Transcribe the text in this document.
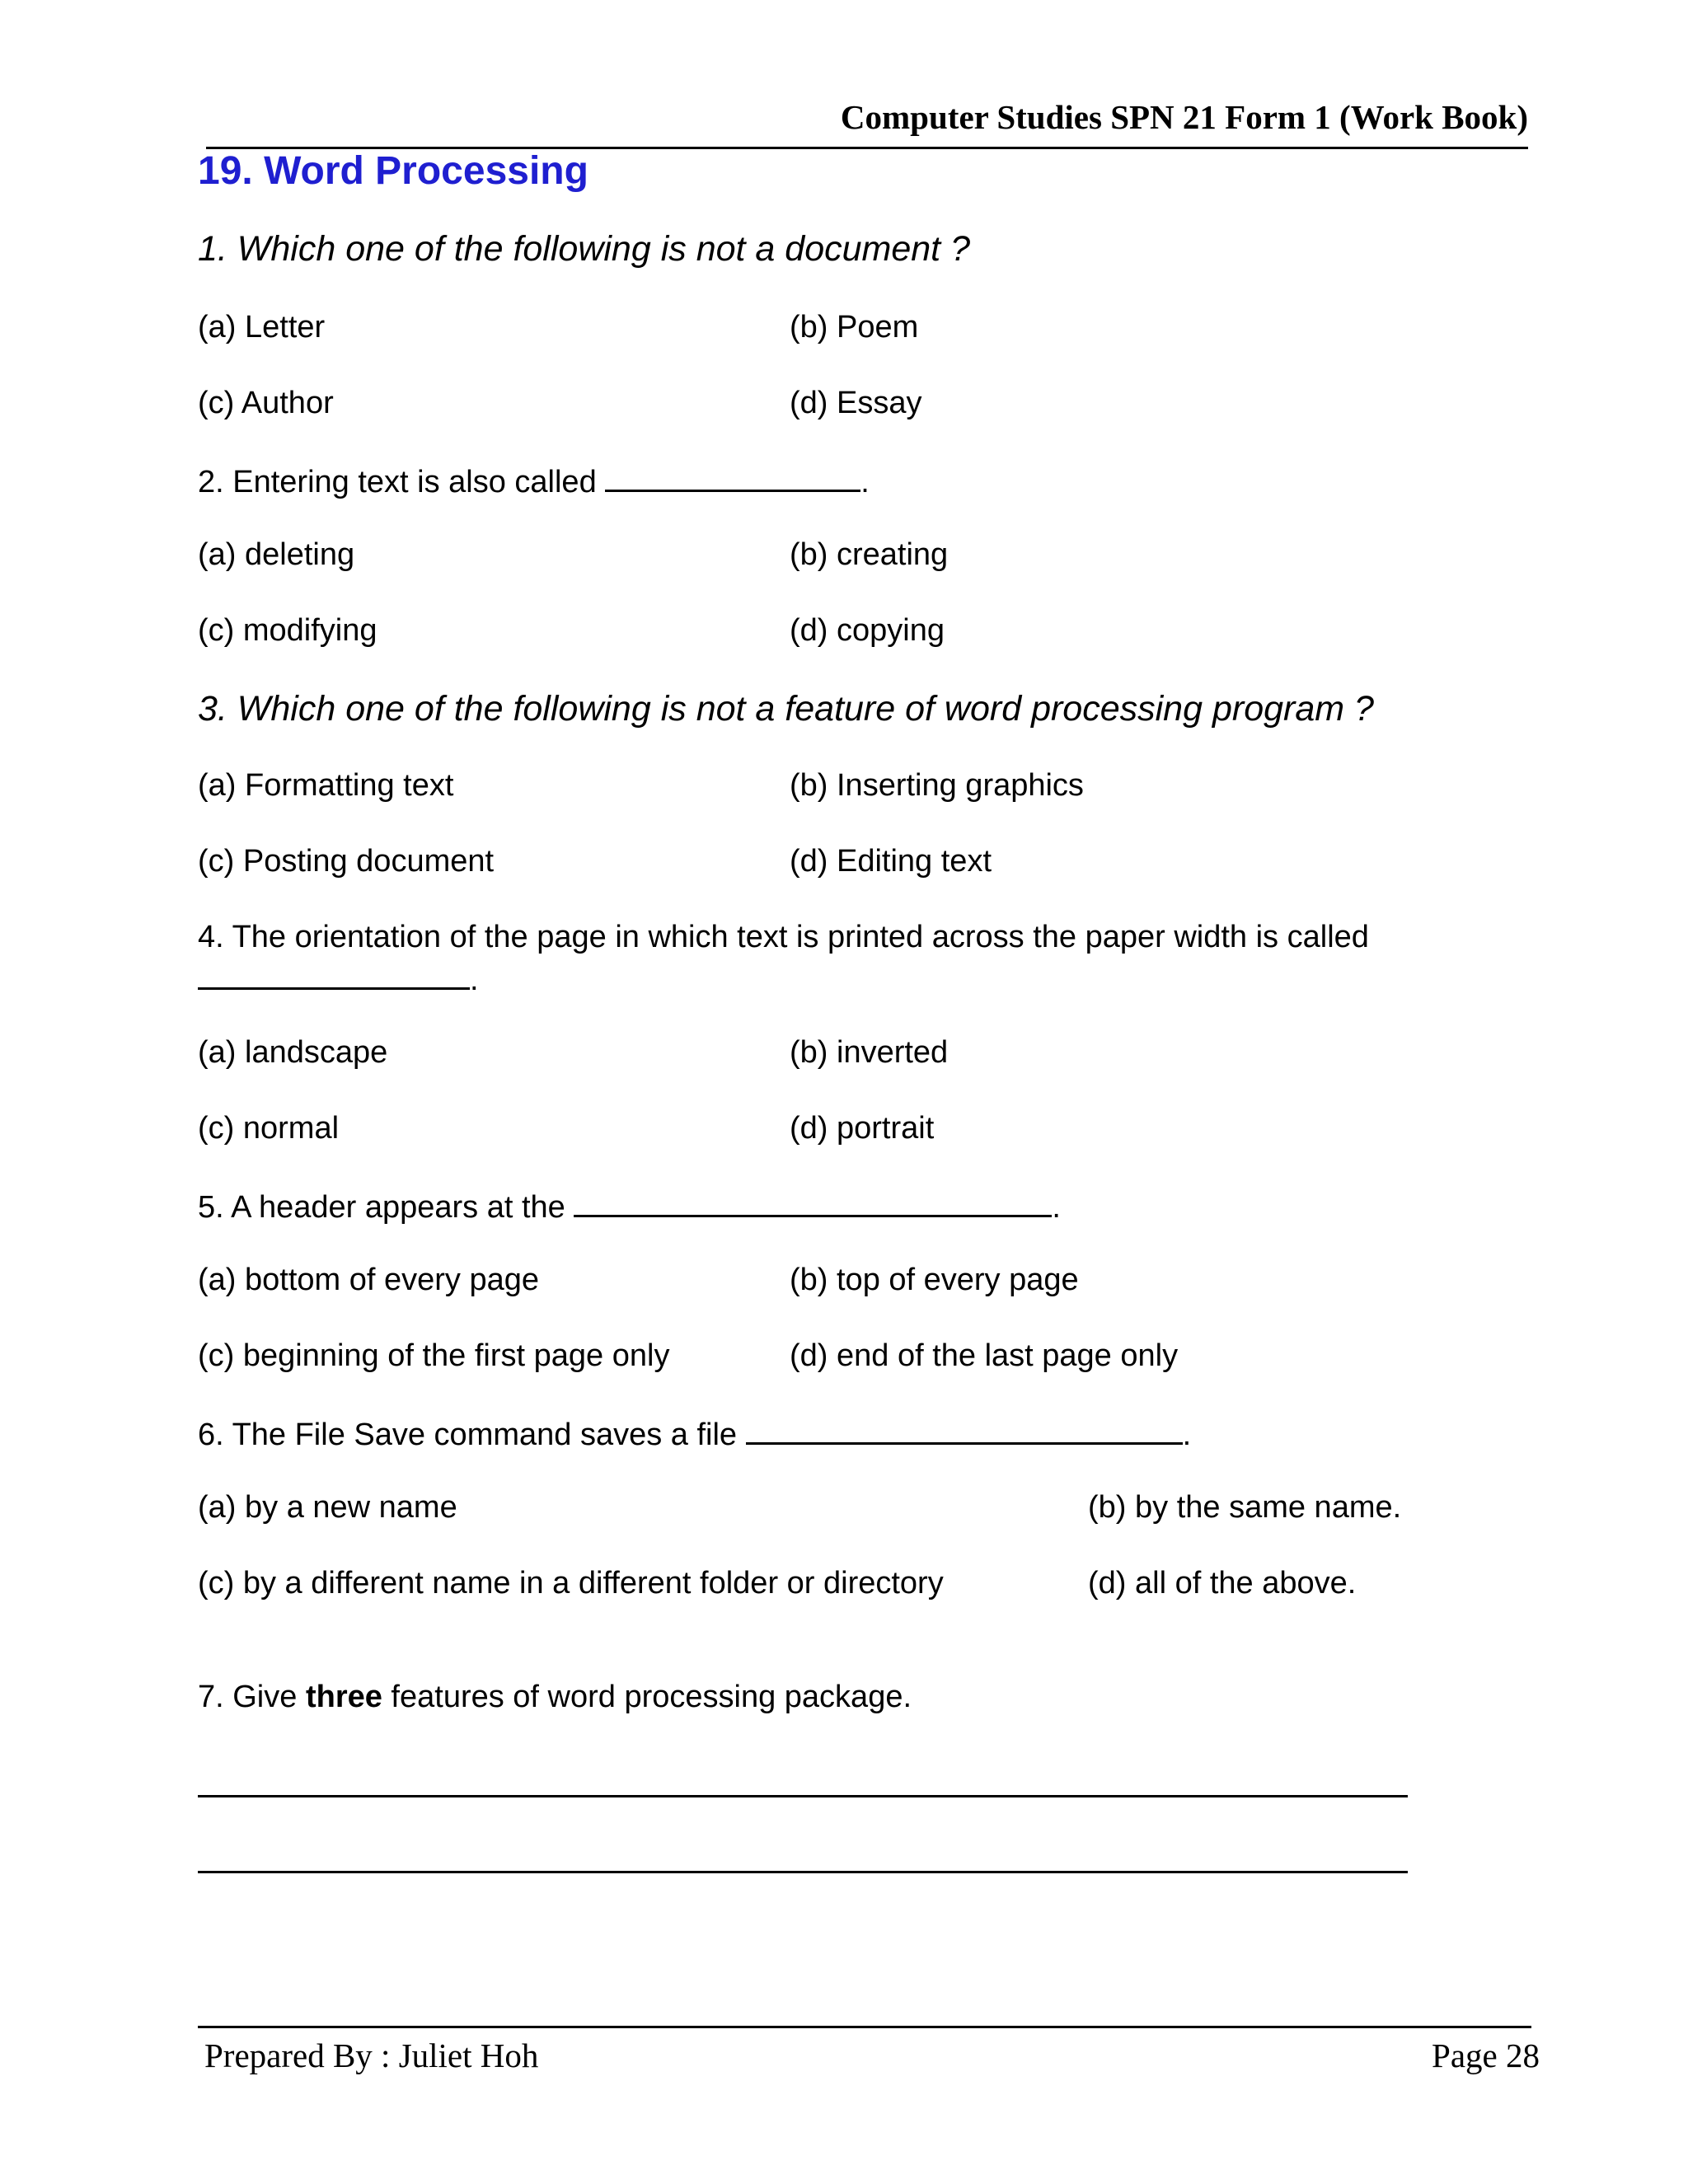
Computer Studies SPN 21 Form 1 (Work Book)
19. Word Processing
1. Which one of the following is not a document ?
(a) Letter	(b) Poem
(c) Author	(d) Essay
2. Entering text is also called	.
(a) deleting	(b) creating
(c) modifying	(d) copying
3. Which one of the following is not a feature of word processing program ?
(a) Formatting text	(b) Inserting graphics
(c) Posting document	(d) Editing text
4. The orientation of the page in which text is printed across the paper width is called
.
(a) landscape	(b) inverted
(c) normal	(d) portrait
5. A header appears at the	.
(a) bottom of every page	(b) top of every page
(c) beginning of the first page only	(d) end of the last page only
6. The File Save command saves a file	.
(a) by a new name	(b) by the same name.
(c) by a different name in a different folder or directory	(d) all of the above.
7. Give three features of word processing package.
Prepared By : Juliet Hoh	Page 28
